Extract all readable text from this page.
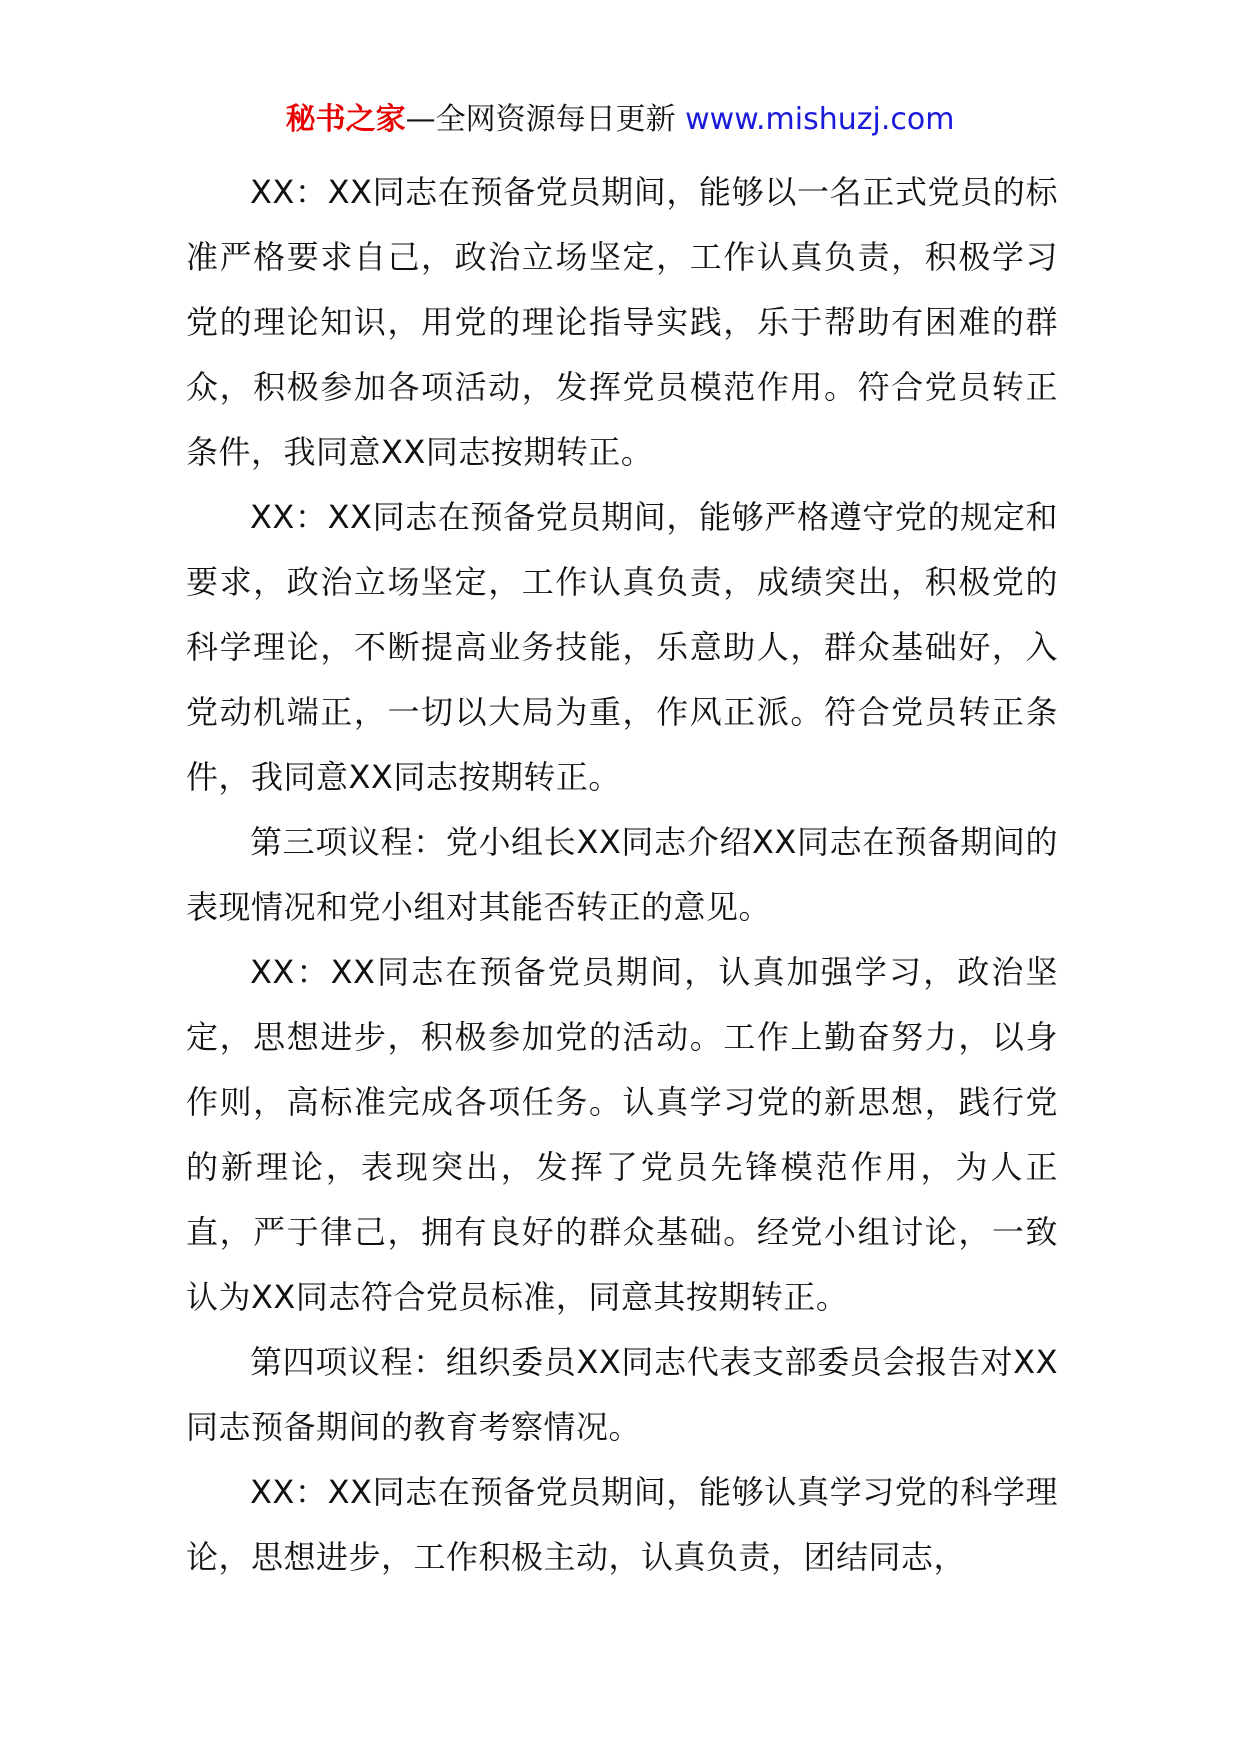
秘书之家—全网资源每日更新 www.mishuzj.com

XX：XX同志在预备党员期间，能够以一名正式党员的标准严格要求自己，政治立场坚定，工作认真负责，积极学习党的理论知识，用党的理论指导实践，乐于帮助有困难的群众，积极参加各项活动，发挥党员模范作用。符合党员转正条件，我同意XX同志按期转正。

XX：XX同志在预备党员期间，能够严格遵守党的规定和要求，政治立场坚定，工作认真负责，成绩突出，积极党的科学理论，不断提高业务技能，乐意助人，群众基础好，入党动机端正，一切以大局为重，作风正派。符合党员转正条件，我同意XX同志按期转正。

第三项议程：党小组长XX同志介绍XX同志在预备期间的表现情况和党小组对其能否转正的意见。

XX：XX同志在预备党员期间，认真加强学习，政治坚定，思想进步，积极参加党的活动。工作上勤奋努力，以身作则，高标准完成各项任务。认真学习党的新思想，践行党的新理论，表现突出，发挥了党员先锋模范作用，为人正直，严于律己，拥有良好的群众基础。经党小组讨论，一致认为XX同志符合党员标准，同意其按期转正。

第四项议程：组织委员XX同志代表支部委员会报告对XX同志预备期间的教育考察情况。

XX：XX同志在预备党员期间，能够认真学习党的科学理论，思想进步，工作积极主动，认真负责，团结同志，
